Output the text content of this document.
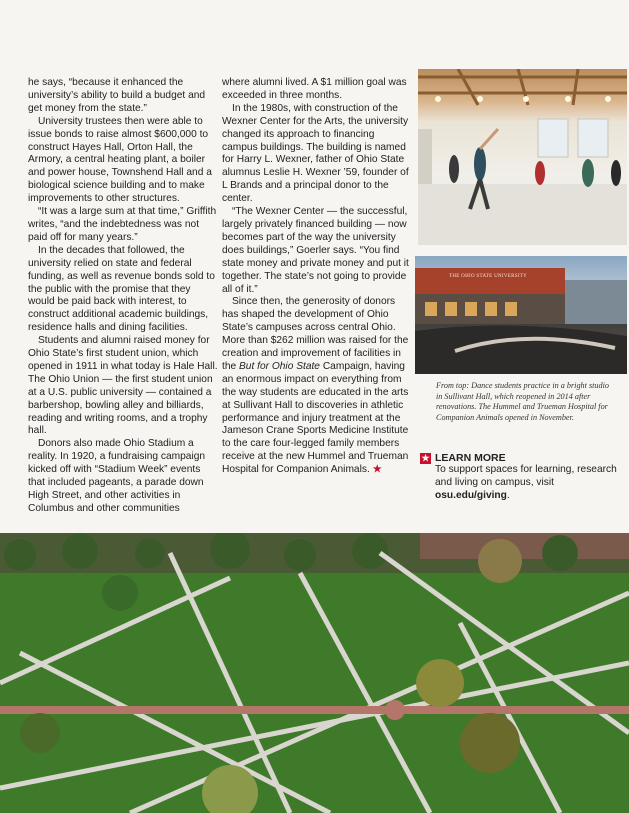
he says, “because it enhanced the university’s ability to build a budget and get money from the state.”

University trustees then were able to issue bonds to raise almost $600,000 to construct Hayes Hall, Orton Hall, the Armory, a central heating plant, a boiler and power house, Townshend Hall and a biological science building and to make improvements to other structures.

“It was a large sum at that time,” Griffith writes, “and the indebtedness was not paid off for many years.”

In the decades that followed, the university relied on state and federal funding, as well as revenue bonds sold to the public with the promise that they would be paid back with interest, to construct additional academic buildings, residence halls and dining facilities.

Students and alumni raised money for Ohio State’s first student union, which opened in 1911 in what today is Hale Hall. The Ohio Union — the first student union at a U.S. public university — contained a barbershop, bowling alley and billiards, reading and writing rooms, and a trophy hall.

Donors also made Ohio Stadium a reality. In 1920, a fundraising campaign kicked off with “Stadium Week” events that included pageants, a parade down High Street, and other activities in Columbus and other communities

where alumni lived. A $1 million goal was exceeded in three months.

In the 1980s, with construction of the Wexner Center for the Arts, the university changed its approach to financing campus buildings. The building is named for Harry L. Wexner, father of Ohio State alumnus Leslie H. Wexner ’59, founder of L Brands and a principal donor to the center.

“The Wexner Center — the successful, largely privately financed building — now becomes part of the way the university does buildings,” Goerler says. “You find state money and private money and put it together. The state’s not going to provide all of it.”

Since then, the generosity of donors has shaped the development of Ohio State’s campuses across central Ohio. More than $262 million was raised for the creation and improvement of facilities in the But for Ohio State Campaign, having an enormous impact on everything from the way students are educated in the arts at Sullivant Hall to discoveries in athletic performance and injury treatment at the Jameson Crane Sports Medicine Institute to the care four-legged family members receive at the new Hummel and Trueman Hospital for Companion Animals. ★

THE OHIO STATE UNIVERSITY
From top: Dance students practice in a bright studio in Sullivant Hall, which reopened in 2014 after renovations. The Hummel and Trueman Hospital for Companion Animals opened in November.
★ LEARN MORE
To support spaces for learning, research and living on campus, visit osu.edu/giving.
